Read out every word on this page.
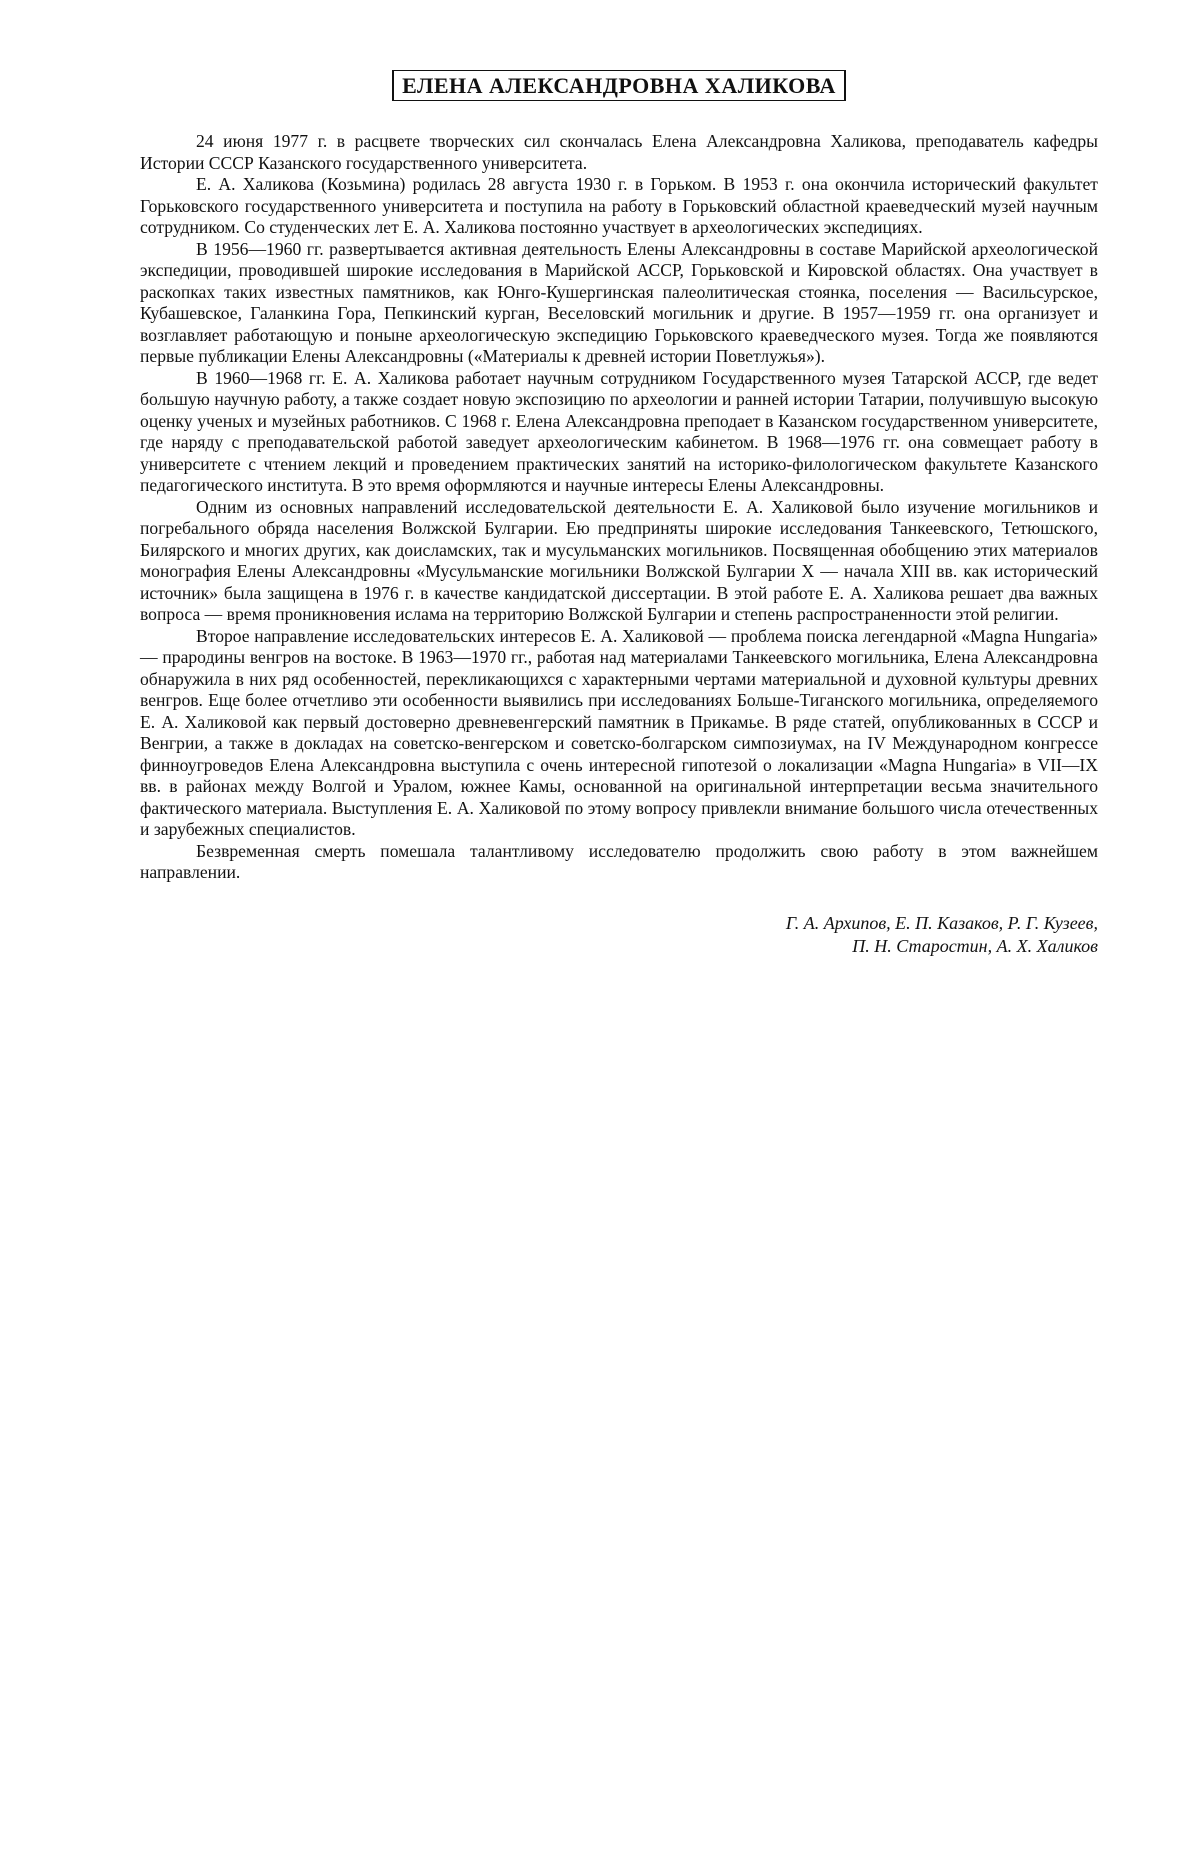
ЕЛЕНА АЛЕКСАНДРОВНА ХАЛИКОВА

24 июня 1977 г. в расцвете творческих сил скончалась Елена Александровна Халикова, преподаватель кафедры Истории СССР Казанского государственного университета.

Е. А. Халикова (Козьмина) родилась 28 августа 1930 г. в Горьком. В 1953 г. она окончила исторический факультет Горьковского государственного университета и поступила на работу в Горьковский областной краеведческий музей научным сотрудником. Со студенческих лет Е. А. Халикова постоянно участвует в археологических экспедициях.

В 1956—1960 гг. развертывается активная деятельность Елены Александровны в составе Марийской археологической экспедиции, проводившей широкие исследования в Марийской АССР, Горьковской и Кировской областях. Она участвует в раскопках таких известных памятников, как Юнго-Кушергинская палеолитическая стоянка, поселения — Васильсурское, Кубашевское, Галанкина Гора, Пепкинский курган, Веселовский могильник и другие. В 1957—1959 гг. она организует и возглавляет работающую и поныне археологическую экспедицию Горьковского краеведческого музея. Тогда же появляются первые публикации Елены Александровны («Материалы к древней истории Поветлужья»).

В 1960—1968 гг. Е. А. Халикова работает научным сотрудником Государственного музея Татарской АССР, где ведет большую научную работу, а также создает новую экспозицию по археологии и ранней истории Татарии, получившую высокую оценку ученых и музейных работников. С 1968 г. Елена Александровна преподает в Казанском государственном университете, где наряду с преподавательской работой заведует археологическим кабинетом. В 1968—1976 гг. она совмещает работу в университете с чтением лекций и проведением практических занятий на историко-филологическом факультете Казанского педагогического института. В это время оформляются и научные интересы Елены Александровны.

Одним из основных направлений исследовательской деятельности Е. А. Халиковой было изучение могильников и погребального обряда населения Волжской Булгарии. Ею предприняты широкие исследования Танкеевского, Тетюшского, Билярского и многих других, как доисламских, так и мусульманских могильников. Посвященная обобщению этих материалов монография Елены Александровны «Мусульманские могильники Волжской Булгарии X — начала XIII вв. как исторический источник» была защищена в 1976 г. в качестве кандидатской диссертации. В этой работе Е. А. Халикова решает два важных вопроса — время проникновения ислама на территорию Волжской Булгарии и степень распространенности этой религии.

Второе направление исследовательских интересов Е. А. Халиковой — проблема поиска легендарной «Magna Hungaria» — прародины венгров на востоке. В 1963—1970 гг., работая над материалами Танкеевского могильника, Елена Александровна обнаружила в них ряд особенностей, перекликающихся с характерными чертами материальной и духовной культуры древних венгров. Еще более отчетливо эти особенности выявились при исследованиях Больше-Тиганского могильника, определяемого Е. А. Халиковой как первый достоверно древневенгерский памятник в Прикамье. В ряде статей, опубликованных в СССР и Венгрии, а также в докладах на советско-венгерском и советско-болгарском симпозиумах, на IV Международном конгрессе финноугроведов Елена Александровна выступила с очень интересной гипотезой о локализации «Magna Hungaria» в VII—IX вв. в районах между Волгой и Уралом, южнее Камы, основанной на оригинальной интерпретации весьма значительного фактического материала. Выступления Е. А. Халиковой по этому вопросу привлекли внимание большого числа отечественных и зарубежных специалистов.

Безвременная смерть помешала талантливому исследователю продолжить свою работу в этом важнейшем направлении.

Г. А. Архипов, Е. П. Казаков, Р. Г. Кузеев,
П. Н. Старостин, А. Х. Халиков
